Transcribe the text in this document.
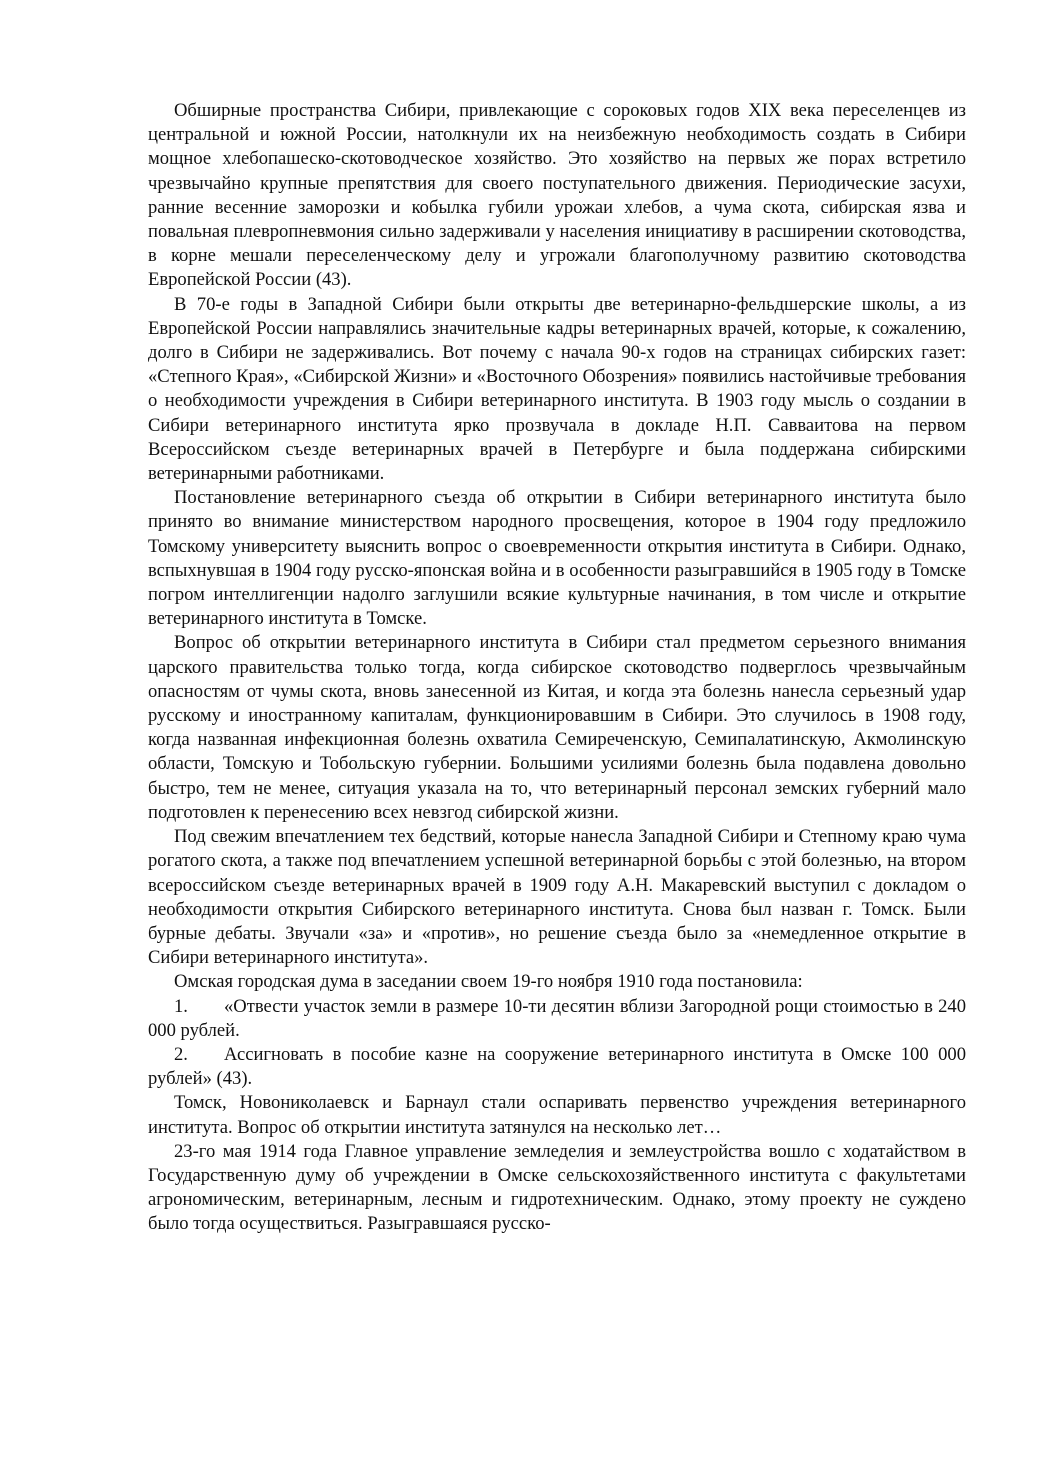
Обширные пространства Сибири, привлекающие с сороковых годов XIX века переселенцев из центральной и южной России, натолкнули их на неизбежную необходимость создать в Сибири мощное хлебопашеско-скотоводческое хозяйство. Это хозяйство на первых же порах встретило чрезвычайно крупные препятствия для своего поступательного движения. Периодические засухи, ранние весенние заморозки и кобылка губили урожаи хлебов, а чума скота, сибирская язва и повальная плевропневмония сильно задерживали у населения инициативу в расширении скотоводства, в корне мешали переселенческому делу и угрожали благополучному развитию скотоводства Европейской России (43).

В 70-е годы в Западной Сибири были открыты две ветеринарно-фельдшерские школы, а из Европейской России направлялись значительные кадры ветеринарных врачей, которые, к сожалению, долго в Сибири не задерживались. Вот почему с начала 90-х годов на страницах сибирских газет: «Степного Края», «Сибирской Жизни» и «Восточного Обозрения» появились настойчивые требования о необходимости учреждения в Сибири ветеринарного института. В 1903 году мысль о создании в Сибири ветеринарного института ярко прозвучала в докладе Н.П. Савваитова на первом Всероссийском съезде ветеринарных врачей в Петербурге и была поддержана сибирскими ветеринарными работниками.

Постановление ветеринарного съезда об открытии в Сибири ветеринарного института было принято во внимание министерством народного просвещения, которое в 1904 году предложило Томскому университету выяснить вопрос о своевременности открытия института в Сибири. Однако, вспыхнувшая в 1904 году русско-японская война и в особенности разыгравшийся в 1905 году в Томске погром интеллигенции надолго заглушили всякие культурные начинания, в том числе и открытие ветеринарного института в Томске.

Вопрос об открытии ветеринарного института в Сибири стал предметом серьезного внимания царского правительства только тогда, когда сибирское скотоводство подверглось чрезвычайным опасностям от чумы скота, вновь занесенной из Китая, и когда эта болезнь нанесла серьезный удар русскому и иностранному капиталам, функционировавшим в Сибири. Это случилось в 1908 году, когда названная инфекционная болезнь охватила Семиреченскую, Семипалатинскую, Акмолинскую области, Томскую и Тобольскую губернии. Большими усилиями болезнь была подавлена довольно быстро, тем не менее, ситуация указала на то, что ветеринарный персонал земских губерний мало подготовлен к перенесению всех невзгод сибирской жизни.

Под свежим впечатлением тех бедствий, которые нанесла Западной Сибири и Степному краю чума рогатого скота, а также под впечатлением успешной ветеринарной борьбы с этой болезнью, на втором всероссийском съезде ветеринарных врачей в 1909 году А.Н. Макаревский выступил с докладом о необходимости открытия Сибирского ветеринарного института. Снова был назван г. Томск. Были бурные дебаты. Звучали «за» и «против», но решение съезда было за «немедленное открытие в Сибири ветеринарного института».

Омская городская дума в заседании своем 19-го ноября 1910 года постановила:

1. «Отвести участок земли в размере 10-ти десятин вблизи Загородной рощи стоимостью в 240 000 рублей.

2. Ассигновать в пособие казне на сооружение ветеринарного института в Омске 100 000 рублей» (43).

Томск, Новониколаевск и Барнаул стали оспаривать первенство учреждения ветеринарного института. Вопрос об открытии института затянулся на несколько лет…

23-го мая 1914 года Главное управление земледелия и землеустройства вошло с ходатайством в Государственную думу об учреждении в Омске сельскохозяйственного института с факультетами агрономическим, ветеринарным, лесным и гидротехническим. Однако, этому проекту не суждено было тогда осуществиться. Разыгравшаяся русско-
